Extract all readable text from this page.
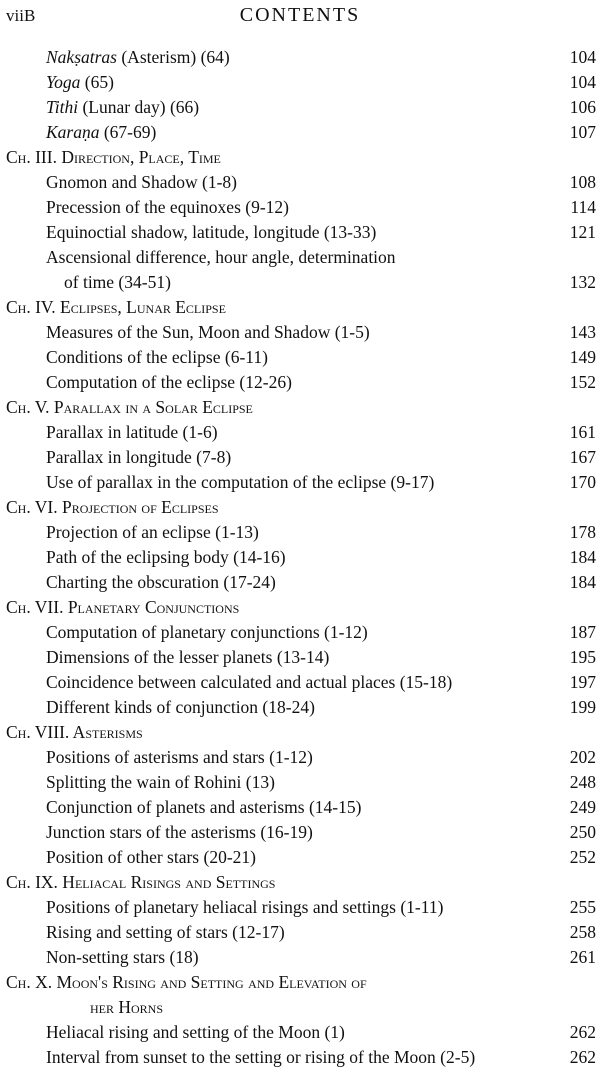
viiB	CONTENTS
Nakṣatras (Asterism) (64)	104
Yoga (65)	104
Tithi (Lunar day) (66)	106
Karaṇa (67-69)	107
Ch. III. Direction, Place, Time
Gnomon and Shadow (1-8)	108
Precession of the equinoxes (9-12)	114
Equinoctial shadow, latitude, longitude (13-33)	121
Ascensional difference, hour angle, determination
of time (34-51)	132
Ch. IV. Eclipses, Lunar Eclipse
Measures of the Sun, Moon and Shadow (1-5)	143
Conditions of the eclipse (6-11)	149
Computation of the eclipse (12-26)	152
Ch. V. Parallax in a Solar Eclipse
Parallax in latitude (1-6)	161
Parallax in longitude (7-8)	167
Use of parallax in the computation of the eclipse (9-17)	170
Ch. VI. Projection of Eclipses
Projection of an eclipse (1-13)	178
Path of the eclipsing body (14-16)	184
Charting the obscuration (17-24)	184
Ch. VII. Planetary Conjunctions
Computation of planetary conjunctions (1-12)	187
Dimensions of the lesser planets (13-14)	195
Coincidence between calculated and actual places (15-18)	197
Different kinds of conjunction (18-24)	199
Ch. VIII. Asterisms
Positions of asterisms and stars (1-12)	202
Splitting the wain of Rohini (13)	248
Conjunction of planets and asterisms (14-15)	249
Junction stars of the asterisms (16-19)	250
Position of other stars (20-21)	252
Ch. IX. Heliacal Risings and Settings
Positions of planetary heliacal risings and settings (1-11)	255
Rising and setting of stars (12-17)	258
Non-setting stars (18)	261
Ch. X. Moon's Rising and Setting and Elevation of
her Horns
Heliacal rising and setting of the Moon (1)	262
Interval from sunset to the setting or rising of the Moon (2-5)	262
